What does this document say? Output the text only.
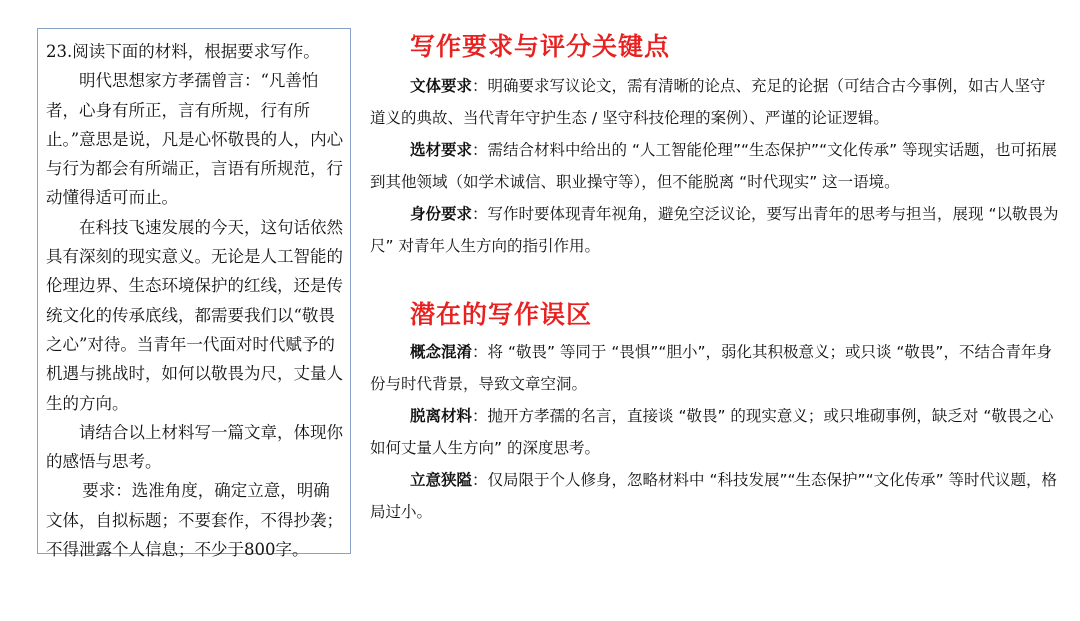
23.阅读下面的材料，根据要求写作。

明代思想家方孝孺曾言：“凡善怕者，心身有所正，言有所规，行有所止。”意思是说，凡是心怀敬畏的人，内心与行为都会有所端正，言语有所规范，行动懂得适可而止。

在科技飞速发展的今天，这句话依然具有深刻的现实意义。无论是人工智能的伦理边界、生态环境保护的红线，还是传统文化的传承底线，都需要我们以“敬畏之心”对待。当青年一代面对时代赋予的机遇与挑战时，如何以敬畏为尺，丈量人生的方向。

请结合以上材料写一篇文章，体现你的感悟与思考。

要求：选准角度，确定立意，明确文体，自拟标题；不要套作，不得抄袭；不得泄露个人信息；不少于800字。

写作要求与评分关键点

文体要求：明确要求写议论文，需有清晰的论点、充足的论据（可结合古今事例，如古人坚守道义的典故、当代青年守护生态 / 坚守科技伦理的案例）、严谨的论证逻辑。

选材要求：需结合材料中给出的 “人工智能伦理”“生态保护”“文化传承” 等现实话题，也可拓展到其他领域（如学术诚信、职业操守等），但不能脱离 “时代现实” 这一语境。

身份要求：写作时要体现青年视角，避免空泛议论，要写出青年的思考与担当，展现 “以敬畏为尺” 对青年人生方向的指引作用。

潜在的写作误区

概念混淆：将 “敬畏” 等同于 “畏惧”“胆小”，弱化其积极意义；或只谈 “敬畏”，不结合青年身份与时代背景，导致文章空洞。

脱离材料：抛开方孝孺的名言，直接谈 “敬畏” 的现实意义；或只堆砌事例，缺乏对 “敬畏之心如何丈量人生方向” 的深度思考。

立意狭隘：仅局限于个人修身，忽略材料中 “科技发展”“生态保护”“文化传承” 等时代议题，格局过小。
